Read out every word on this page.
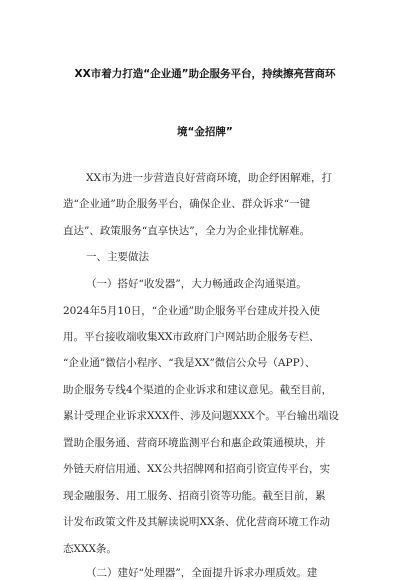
XX市着力打造“企业通”助企服务平台，持续擦亮营商环
境“金招牌”
XX市为进一步营造良好营商环境，助企纾困解难，打
造“企业通”助企服务平台，确保企业、群众诉求“一键
直达”、政策服务“直享快达”，全力为企业排忧解难。
一、主要做法
（一）搭好“收发器”，大力畅通政企沟通渠道。
2024年5月10日，“企业通”助企服务平台建成并投入使
用。平台接收端收集XX市政府门户网站助企服务专栏、
“企业通”微信小程序、“我是XX”微信公众号（APP）、
助企服务专线4个渠道的企业诉求和建议意见。截至目前，
累计受理企业诉求XXX件、涉及问题XXX个。平台输出端设
置助企服务通、营商环境监测平台和惠企政策通模块，并
外链天府信用通、XX公共招牌网和招商引资宣传平台，实
现金融服务、用工服务、招商引资等功能。截至目前，累
计发布政策文件及其解读说明XX条、优化营商环境工作动
态XXX条。
（二）建好“处理器”，全面提升诉求办理质效。建
